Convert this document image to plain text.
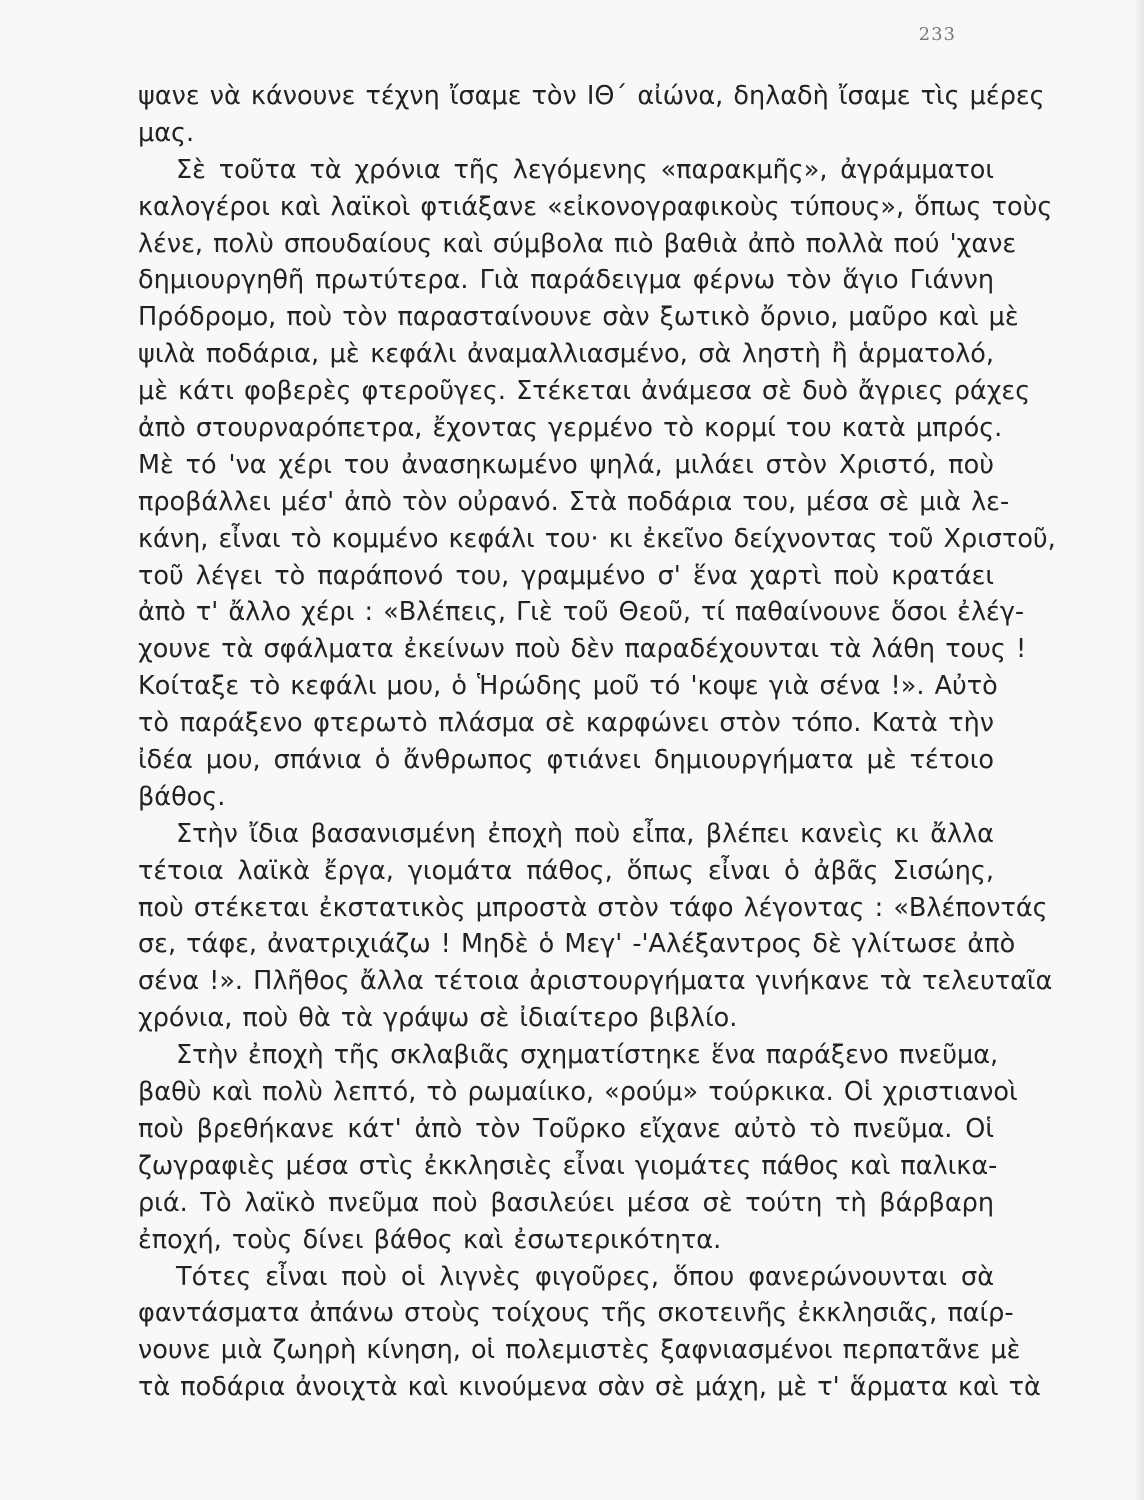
233
ψανε νὰ κάνουνε τέχνη ἴσαμε τὸν ΙΘ΄ αἰώνα, δηλαδὴ ἴσαμε τὶς μέρες
μας.
Σὲ τοῦτα τὰ χρόνια τῆς λεγόμενης «παρακμῆς», ἀγράμματοι
καλογέροι καὶ λαϊκοὶ φτιάξανε «εἰκονογραφικοὺς τύπους», ὅπως τοὺς
λένε, πολὺ σπουδαίους καὶ σύμβολα πιὸ βαθιὰ ἀπὸ πολλὰ πού 'χανε
δημιουργηθῆ πρωτύτερα. Γιὰ παράδειγμα φέρνω τὸν ἅγιο Γιάννη
Πρόδρομο, ποὺ τὸν παρασταίνουνε σὰν ξωτικὸ ὄρνιο, μαῦρο καὶ μὲ
ψιλὰ ποδάρια, μὲ κεφάλι ἀναμαλλιασμένο, σὰ ληστὴ ἢ ἁρματολό,
μὲ κάτι φοβερὲς φτεροῦγες. Στέκεται ἀνάμεσα σὲ δυὸ ἄγριες ράχες
ἀπὸ στουρναρόπετρα, ἔχοντας γερμένο τὸ κορμί του κατὰ μπρός.
Μὲ τό 'να χέρι του ἀνασηκωμένο ψηλά, μιλάει στὸν Χριστό, ποὺ
προβάλλει μέσ' ἀπὸ τὸν οὐρανό. Στὰ ποδάρια του, μέσα σὲ μιὰ λε-
κάνη, εἶναι τὸ κομμένο κεφάλι του· κι ἐκεῖνο δείχνοντας τοῦ Χριστοῦ,
τοῦ λέγει τὸ παράπονό του, γραμμένο σ' ἕνα χαρτὶ ποὺ κρατάει
ἀπὸ τ' ἄλλο χέρι : «Βλέπεις, Γιὲ τοῦ Θεοῦ, τί παθαίνουνε ὅσοι ἐλέγ-
χουνε τὰ σφάλματα ἐκείνων ποὺ δὲν παραδέχουνται τὰ λάθη τους !
Κοίταξε τὸ κεφάλι μου, ὁ Ἡρώδης μοῦ τό 'κοψε γιὰ σένα !». Αὐτὸ
τὸ παράξενο φτερωτὸ πλάσμα σὲ καρφώνει στὸν τόπο. Κατὰ τὴν
ἰδέα μου, σπάνια ὁ ἄνθρωπος φτιάνει δημιουργήματα μὲ τέτοιο
βάθος.
Στὴν ἴδια βασανισμένη ἐποχὴ ποὺ εἶπα, βλέπει κανεὶς κι ἄλλα
τέτοια λαϊκὰ ἔργα, γιομάτα πάθος, ὅπως εἶναι ὁ ἀβᾶς Σισώης,
ποὺ στέκεται ἐκστατικὸς μπροστὰ στὸν τάφο λέγοντας : «Βλέποντάς
σε, τάφε, ἀνατριχιάζω ! Μηδὲ ὁ Μεγ' -'Αλέξαντρος δὲ γλίτωσε ἀπὸ
σένα !». Πλῆθος ἄλλα τέτοια ἀριστουργήματα γινήκανε τὰ τελευταῖα
χρόνια, ποὺ θὰ τὰ γράψω σὲ ἰδιαίτερο βιβλίο.
Στὴν ἐποχὴ τῆς σκλαβιᾶς σχηματίστηκε ἕνα παράξενο πνεῦμα,
βαθὺ καὶ πολὺ λεπτό, τὸ ρωμαίικο, «ρούμ» τούρκικα. Οἱ χριστιανοὶ
ποὺ βρεθήκανε κάτ' ἀπὸ τὸν Τοῦρκο εἴχανε αὐτὸ τὸ πνεῦμα. Οἱ
ζωγραφιὲς μέσα στὶς ἐκκλησιὲς εἶναι γιομάτες πάθος καὶ παλικα-
ριά. Τὸ λαϊκὸ πνεῦμα ποὺ βασιλεύει μέσα σὲ τούτη τὴ βάρβαρη
ἐποχή, τοὺς δίνει βάθος καὶ ἐσωτερικότητα.
Τότες εἶναι ποὺ οἱ λιγνὲς φιγοῦρες, ὅπου φανερώνουνται σὰ
φαντάσματα ἀπάνω στοὺς τοίχους τῆς σκοτεινῆς ἐκκλησιᾶς, παίρ-
νουνε μιὰ ζωηρὴ κίνηση, οἱ πολεμιστὲς ξαφνιασμένοι περπατᾶνε μὲ
τὰ ποδάρια ἀνοιχτὰ καὶ κινούμενα σὰν σὲ μάχη, μὲ τ' ἅρματα καὶ τὰ
